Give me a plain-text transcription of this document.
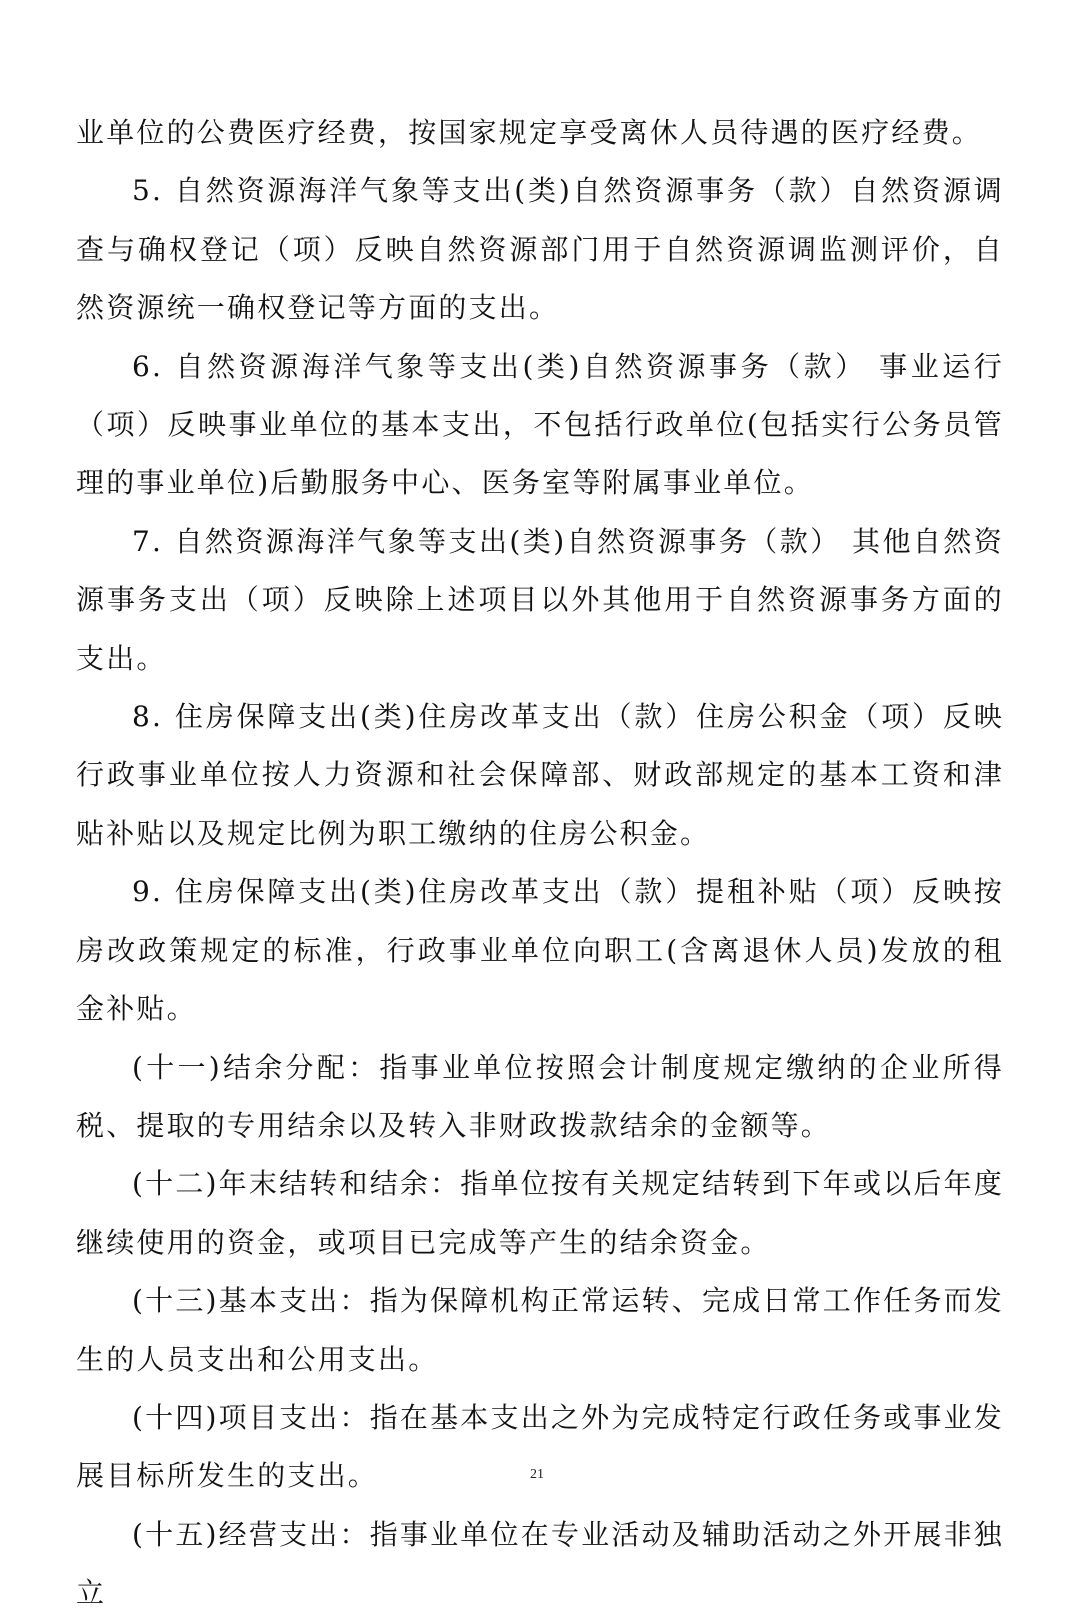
业单位的公费医疗经费，按国家规定享受离休人员待遇的医疗经费。

5. 自然资源海洋气象等支出(类)自然资源事务（款）自然资源调查与确权登记（项）反映自然资源部门用于自然资源调监测评价，自然资源统一确权登记等方面的支出。

6. 自然资源海洋气象等支出(类)自然资源事务（款） 事业运行（项）反映事业单位的基本支出，不包括行政单位(包括实行公务员管理的事业单位)后勤服务中心、医务室等附属事业单位。

7. 自然资源海洋气象等支出(类)自然资源事务（款） 其他自然资源事务支出（项）反映除上述项目以外其他用于自然资源事务方面的支出。

8. 住房保障支出(类)住房改革支出（款）住房公积金（项）反映行政事业单位按人力资源和社会保障部、财政部规定的基本工资和津贴补贴以及规定比例为职工缴纳的住房公积金。

9. 住房保障支出(类)住房改革支出（款）提租补贴（项）反映按房改政策规定的标准，行政事业单位向职工(含离退休人员)发放的租金补贴。

(十一)结余分配：指事业单位按照会计制度规定缴纳的企业所得税、提取的专用结余以及转入非财政拨款结余的金额等。

(十二)年末结转和结余：指单位按有关规定结转到下年或以后年度继续使用的资金，或项目已完成等产生的结余资金。

(十三)基本支出：指为保障机构正常运转、完成日常工作任务而发生的人员支出和公用支出。

(十四)项目支出：指在基本支出之外为完成特定行政任务或事业发展目标所发生的支出。

(十五)经营支出：指事业单位在专业活动及辅助活动之外开展非独立

21
